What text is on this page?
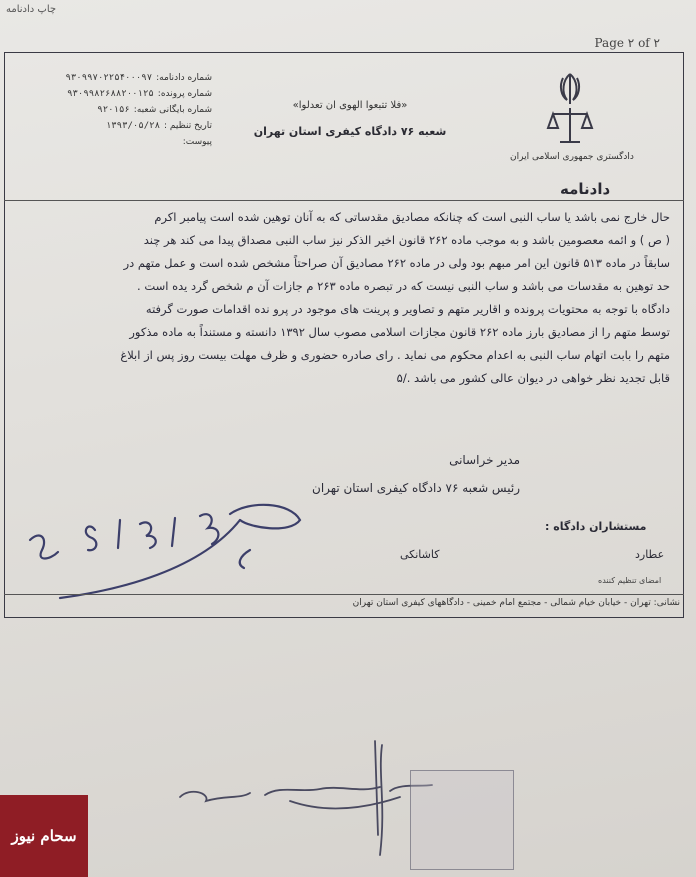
چاپ دادنامه
Page ۲ of ۲
شماره دادنامه:
۹۳۰۹۹۷۰۲۲۵۴۰۰۰۹۷
شماره پرونده:
۹۳۰۹۹۸۲۶۸۸۲۰۰۱۲۵
شماره بایگانی شعبه:
۹۲۰۱۵۶
تاریخ تنظیم :
۱۳۹۳/۰۵/۲۸
پیوست:
«فلا تتبعوا الهوی ان تعدلوا»
شعبه ۷۶ دادگاه کیفری استان تهران
دادگستری جمهوری اسلامی ایران
دادنامه

حال خارج نمی باشد یا ساب النبی است که چنانکه مصادیق مقدساتی که به آنان توهین شده است پیامبر اکرم

( ص ) و ائمه معصومین باشد و به موجب ماده ۲۶۲ قانون اخیر الذکر نیز ساب النبی مصداق پیدا می کند هر چند

سابقاً در ماده ۵۱۳ قانون این امر مبهم بود ولی در ماده ۲۶۲ مصادیق آن صراحتاً مشخص شده است و عمل متهم در

حد توهین به مقدسات می باشد و ساب النبی نیست که در تبصره ماده ۲۶۳ م جازات آن م شخص گرد یده است .

دادگاه با توجه به محتویات پرونده و اقاریر متهم و تصاویر و پرینت های موجود در پرو نده اقدامات صورت گرفته

توسط متهم را از مصادیق بارز ماده ۲۶۲ قانون مجازات اسلامی مصوب سال ۱۳۹۲ دانسته و مستنداً به ماده مذکور

متهم را بابت اتهام ساب النبی به اعدام محکوم می نماید . رای صادره حضوری و ظرف مهلت بیست روز پس از ابلاغ

قابل تجدید نظر خواهی در دیوان عالی کشور می باشد ./۵

مدیر خراسانی
رئیس شعبه ۷۶ دادگاه کیفری استان تهران
مستشاران دادگاه :
عطارد
کاشانکی
امضای تنظیم کننده
نشانی: تهران - خیابان خیام شمالی - مجتمع امام خمینی - دادگاههای کیفری استان تهران
سحام نیوز
